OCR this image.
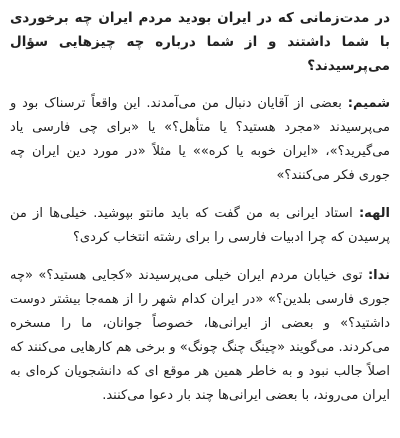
در مدت‌زمانی که در ایران بودید مردم ایران چه برخوردی با شما داشتند و از شما درباره چه چیزهایی سؤال می‌پرسیدند؟

شمیم: بعضی از آقایان دنبال من می‌آمدند. این واقعاً ترسناک بود و می‌پرسیدند «مجرد هستید؟ یا متأهل؟» یا «برای چی فارسی یاد می‌گیرید؟»، «ایران خوبه یا کره»» یا مثلاً «در مورد دین ایران چه جوری فکر می‌کنند؟»

الهه: استاد ایرانی به من گفت که باید مانتو بپوشید. خیلی‌ها از من پرسیدن که چرا ادبیات فارسی را برای رشته انتخاب کردی؟

ندا: توی خیابان مردم ایران خیلی می‌پرسیدند «کجایی هستید؟» «چه جوری فارسی بلدین؟» «در ایران کدام شهر را از همه‌جا بیشتر دوست داشتید؟» و بعضی از ایرانی‌ها، خصوصاً جوانان، ما را مسخره می‌کردند. می‌گویند «چینگ چنگ چونگ» و برخی هم کارهایی می‌کنند که اصلاً جالب نبود و به خاطر همین هر موقع ای که دانشجویان کره‌ای به ایران می‌روند، با بعضی ایرانی‌ها چند بار دعوا می‌کنند.
